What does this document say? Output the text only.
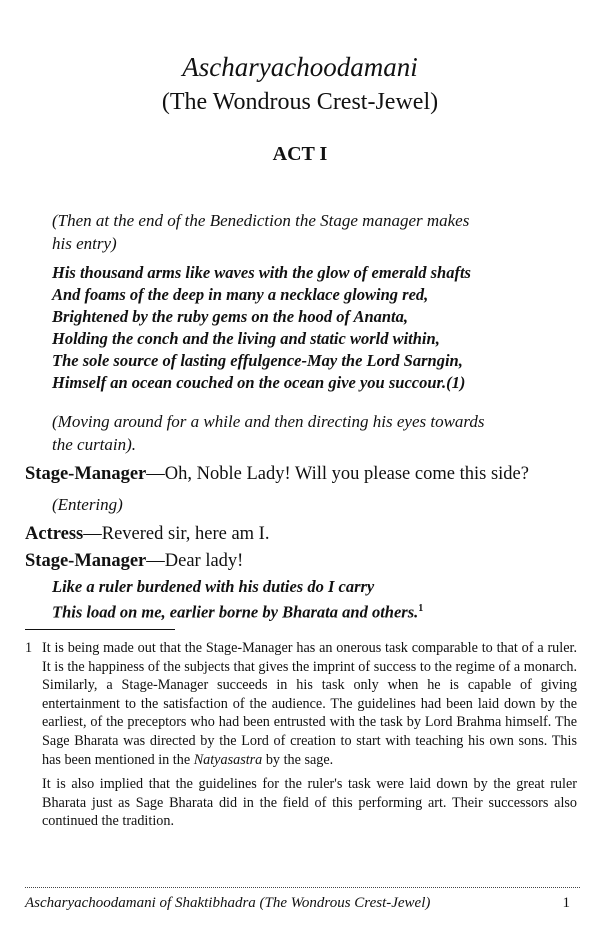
Ascharyachoodamani
(The Wondrous Crest-Jewel)
ACT I
(Then at the end of the Benediction the Stage manager makes
his entry)
His thousand arms like waves with the glow of emerald shafts
And foams of the deep in many a necklace glowing red,
Brightened by the ruby gems on the hood of Ananta,
Holding the conch and the living and static world within,
The sole source of lasting effulgence-May the Lord Sarngin,
Himself an ocean couched on the ocean give you succour.(1)
(Moving around for a while and then directing his eyes towards
the curtain).
Stage-Manager—Oh, Noble Lady! Will you please come this side?
(Entering)
Actress—Revered sir, here am I.
Stage-Manager—Dear lady!
Like a ruler burdened with his duties do I carry
This load on me, earlier borne by Bharata and others.$^1$
1 It is being made out that the Stage-Manager has an onerous task comparable to that of a ruler. It is the happiness of the subjects that gives the imprint of success to the regime of a monarch. Similarly, a Stage-Manager succeeds in his task only when he is capable of giving entertainment to the satisfaction of the audience. The guidelines had been laid down by the earliest, of the preceptors who had been entrusted with the task by Lord Brahma himself. The Sage Bharata was directed by the Lord of creation to start with teaching his own sons. This has been mentioned in the Natyasastra by the sage.
It is also implied that the guidelines for the ruler's task were laid down by the great ruler Bharata just as Sage Bharata did in the field of this performing art. Their successors also continued the tradition.
Ascharyachoodamani of Shaktibhadra (The Wondrous Crest-Jewel)	1
